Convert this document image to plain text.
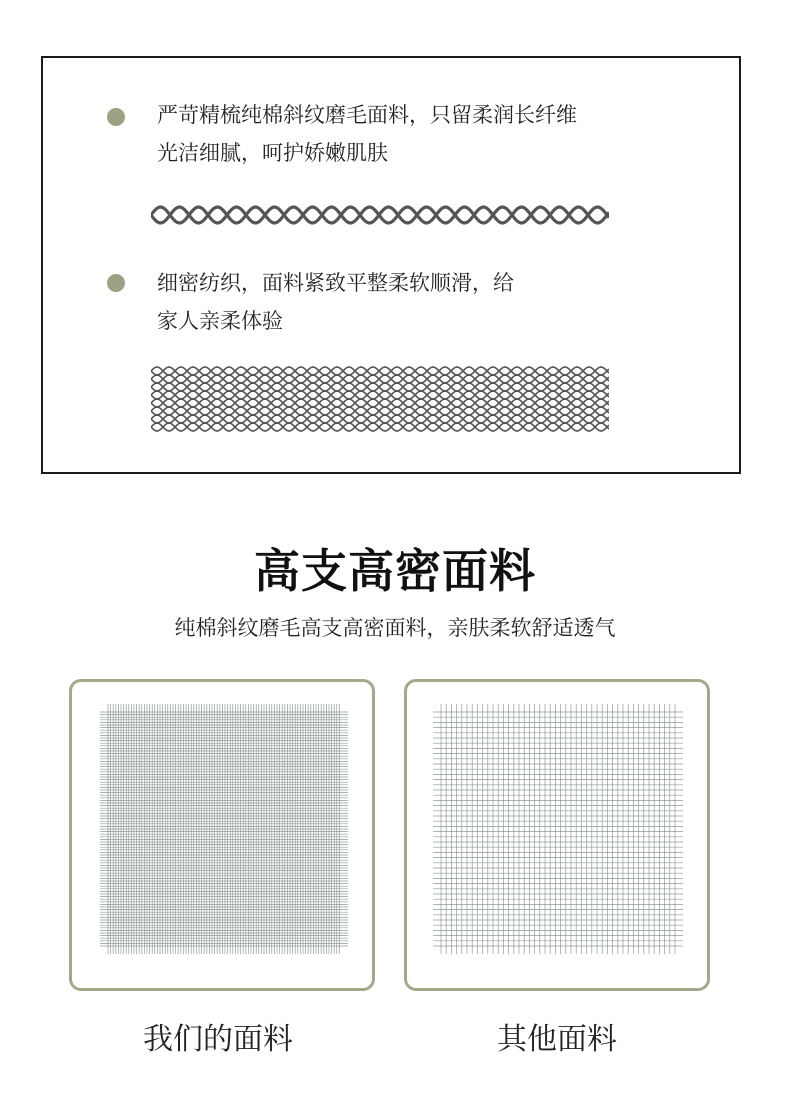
严苛精梳纯棉斜纹磨毛面料，只留柔润长纤维
光洁细腻，呵护娇嫩肌肤
细密纺织，面料紧致平整柔软顺滑，给
家人亲柔体验
高支高密面料
纯棉斜纹磨毛高支高密面料，亲肤柔软舒适透气
我们的面料	其他面料
